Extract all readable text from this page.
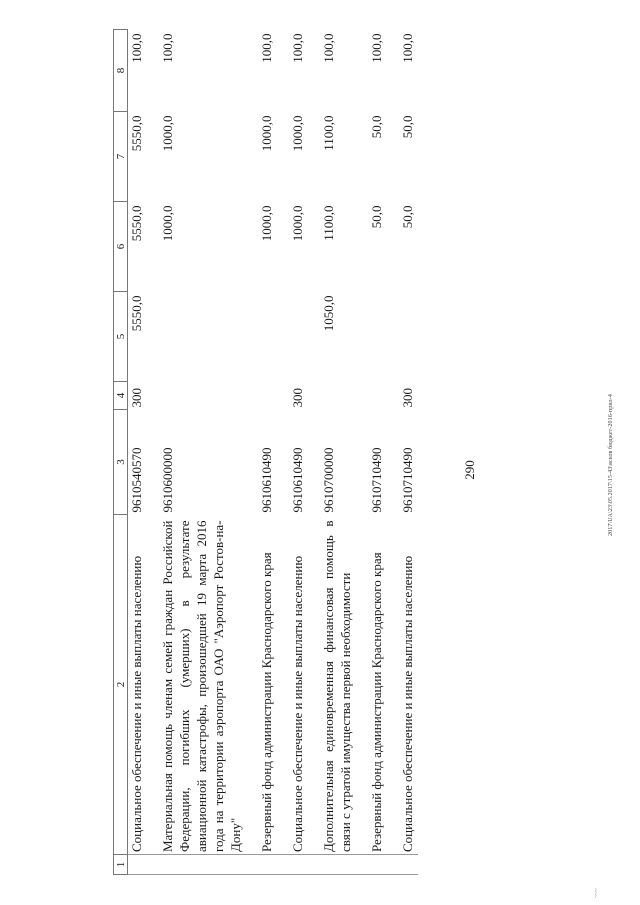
290
1	2	3	4	5	6	7	8
	Социальное обеспечение и иные выплаты населению	9610540570	300	5550,0	5550,0	5550,0	100,0

	Материальная помощь членам семей граждан Российской Федерации, погибших (умерших) в результате авиационной катастрофы, произошедшей 19 марта 2016 года на территории аэропорта ОАО "Аэропорт Ростов-на-Дону"	9610600000			1000,0	1000,0	100,0

	Резервный фонд администрации Краснодарского края	9610610490			1000,0	1000,0	100,0

	Социальное обеспечение и иные выплаты населению	9610610490	300		1000,0	1000,0	100,0

	Дополнительная единовременная финансовая помощь в связи с утратой имущества первой необходимости	9610700000		1050,0	1100,0	1100,0	100,0

	Резервный фонд администрации Краснодарского края	9610710490			50,0	50,0	100,0

	Социальное обеспечение и иные выплаты населению	9610710490	300		50,0	50,0	100,0
2017\UA\23\05.2017\15-43\всков бюджет-2016-прил-4
~~~
